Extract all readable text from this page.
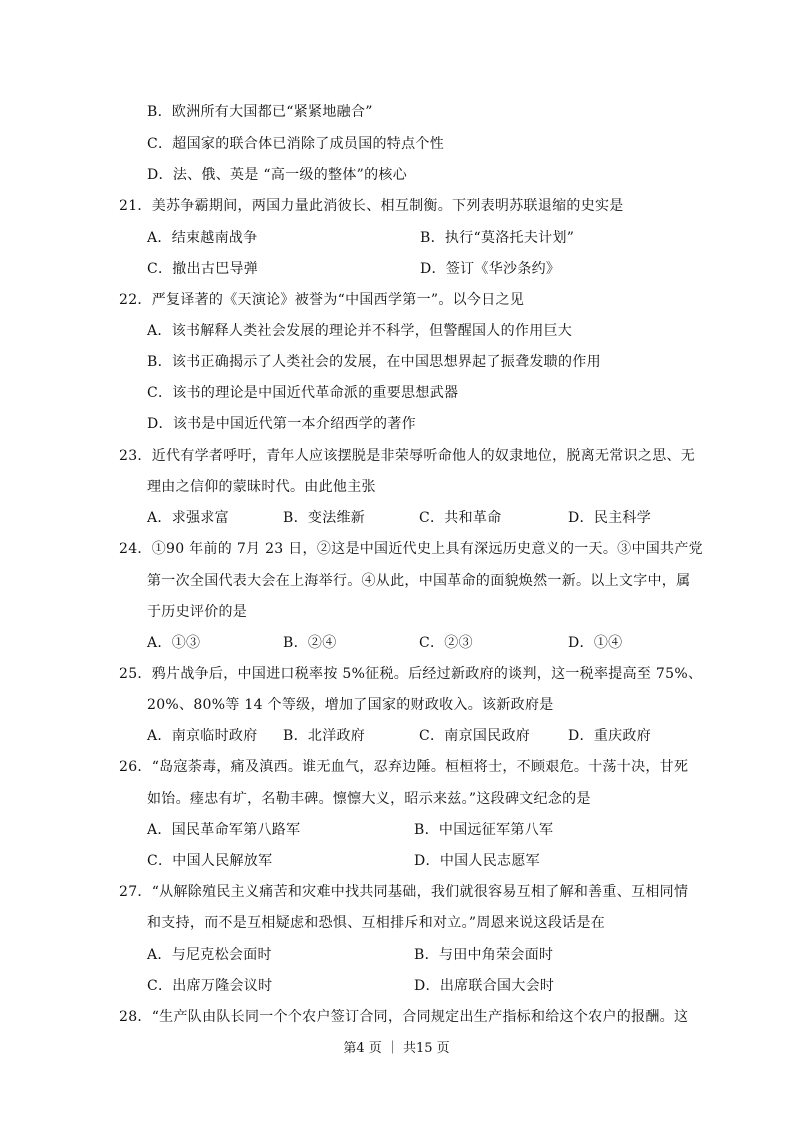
B．欧洲所有大国都已“紧紧地融合”
C．超国家的联合体已消除了成员国的特点个性
D．法、俄、英是 “高一级的整体”的核心
21．美苏争霸期间，两国力量此消彼长、相互制衡。下列表明苏联退缩的史实是
A．结束越南战争	B．执行“莫洛托夫计划”
C．撤出古巴导弹	D．签订《华沙条约》
22．严复译著的《天演论》被誉为“中国西学第一”。以今日之见
A．该书解释人类社会发展的理论并不科学，但警醒国人的作用巨大
B．该书正确揭示了人类社会的发展，在中国思想界起了振聋发聩的作用
C．该书的理论是中国近代革命派的重要思想武器
D．该书是中国近代第一本介绍西学的著作
23．近代有学者呼吁，青年人应该摆脱是非荣辱听命他人的奴隶地位，脱离无常识之思、无
理由之信仰的蒙昧时代。由此他主张
A．求强求富	B．变法维新	C．共和革命	D．民主科学
24．①90 年前的 7月 23 日，②这是中国近代史上具有深远历史意义的一天。③中国共产党
第一次全国代表大会在上海举行。④从此，中国革命的面貌焕然一新。以上文字中，属
于历史评价的是
A．①③	B．②④	C．②③	D．①④
25．鸦片战争后，中国进口税率按 5%征税。后经过新政府的谈判，这一税率提高至 75%、
20%、80%等 14 个等级，增加了国家的财政收入。该新政府是
A．南京临时政府 B．北洋政府	C．南京国民政府	D．重庆政府
26．“岛寇荼毒，痛及滇西。谁无血气，忍弃边陲。桓桓将士，不顾艰危。十荡十决，甘死
如饴。瘗忠有圹，名勒丰碑。懔懔大义，昭示来兹。”这段碑文纪念的是
A．国民革命军第八路军	B．中国远征军第八军
C．中国人民解放军	D．中国人民志愿军
27．“从解除殖民主义痛苦和灾难中找共同基础，我们就很容易互相了解和善重、互相同情
和支持，而不是互相疑虑和恐惧、互相排斥和对立。”周恩来说这段话是在
A．与尼克松会面时	B．与田中角荣会面时
C．出席万隆会议时	D．出席联合国大会时
28．“生产队由队长同一个个农户签订合同，合同规定出生产指标和给这个农户的报酬。这
第4 页 ｜ 共15 页
